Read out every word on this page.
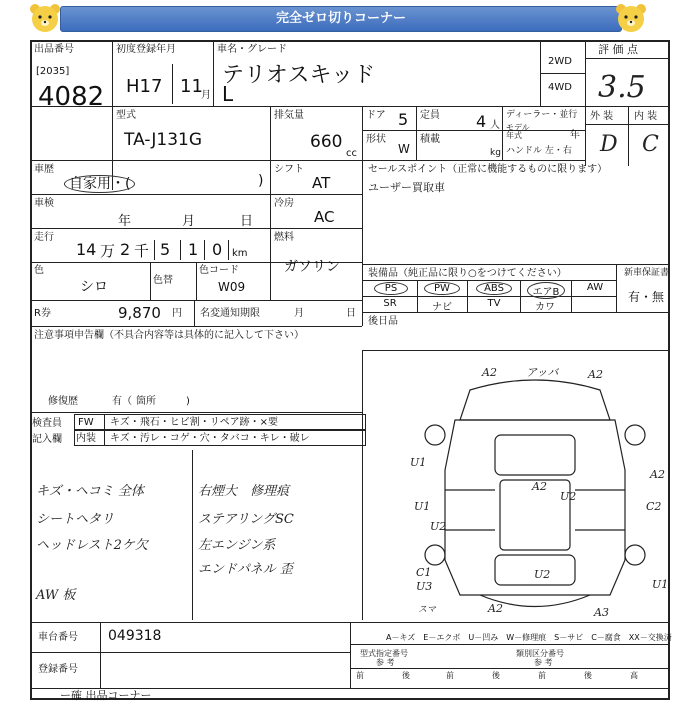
完全ゼロ切りコーナー
出品番号
[2035]
4082
初度登録年月
H17 11
月
車名・グレード
テリオスキッド
L
2WD
4WD
評 価 点
3.5
外 装 内 装
D C
型式
TA-J131G
排気量
660
cc
ドア 5
形状
W
定員 4 人
積載
kg
ディーラー・並行
モデル
年式	年
ハンドル 左・右
車歴
自家用・(	)
シフト
AT
車検
年	月	日
冷房
AC
走行
14 万 2 千 5 1 0 km
燃料
ガソリン
色
シロ	色替
色コード
W09
R券	9,870 円 名変通知期限	月	日
セールスポイント（正常に機能するものに限ります）
ユーザー買取車
装備品（純正品に限り○をつけてください）	新車保証書
有・無
PS	PW	ABS	エアB	AW
SR	ナビ	TV	カワ
後日品
注意事項申告欄（不具合内容等は具体的に記入して下さい）
修復歴	有（ 箇所	)
検査員
記入欄
FW キズ・飛石・ヒビ割・リペア跡・×要
内装 キズ・汚レ・コゲ・穴・タバコ・キレ・破レ
キズ・ヘコミ 全体
シートヘタリ
ヘッドレスト2ケ欠
AW 板
右煙大　修理痕
ステアリングSC
左エンジン系
エンドパネル 歪
A2	アッバ	A2
U1
A2
A2
U1
U2
C2
U2
C1
U3
U2
スマ	A2	A3
U1
車台番号 049318
登録番号
A－キズ　E－エクボ　U－凹み　W－修理痕　S－サビ　C－腐食　XX－交換済
型式指定番号	類別区分番号
参 考	参 考
前	後	前	後	前	後	高
ー確 出品コーナー
